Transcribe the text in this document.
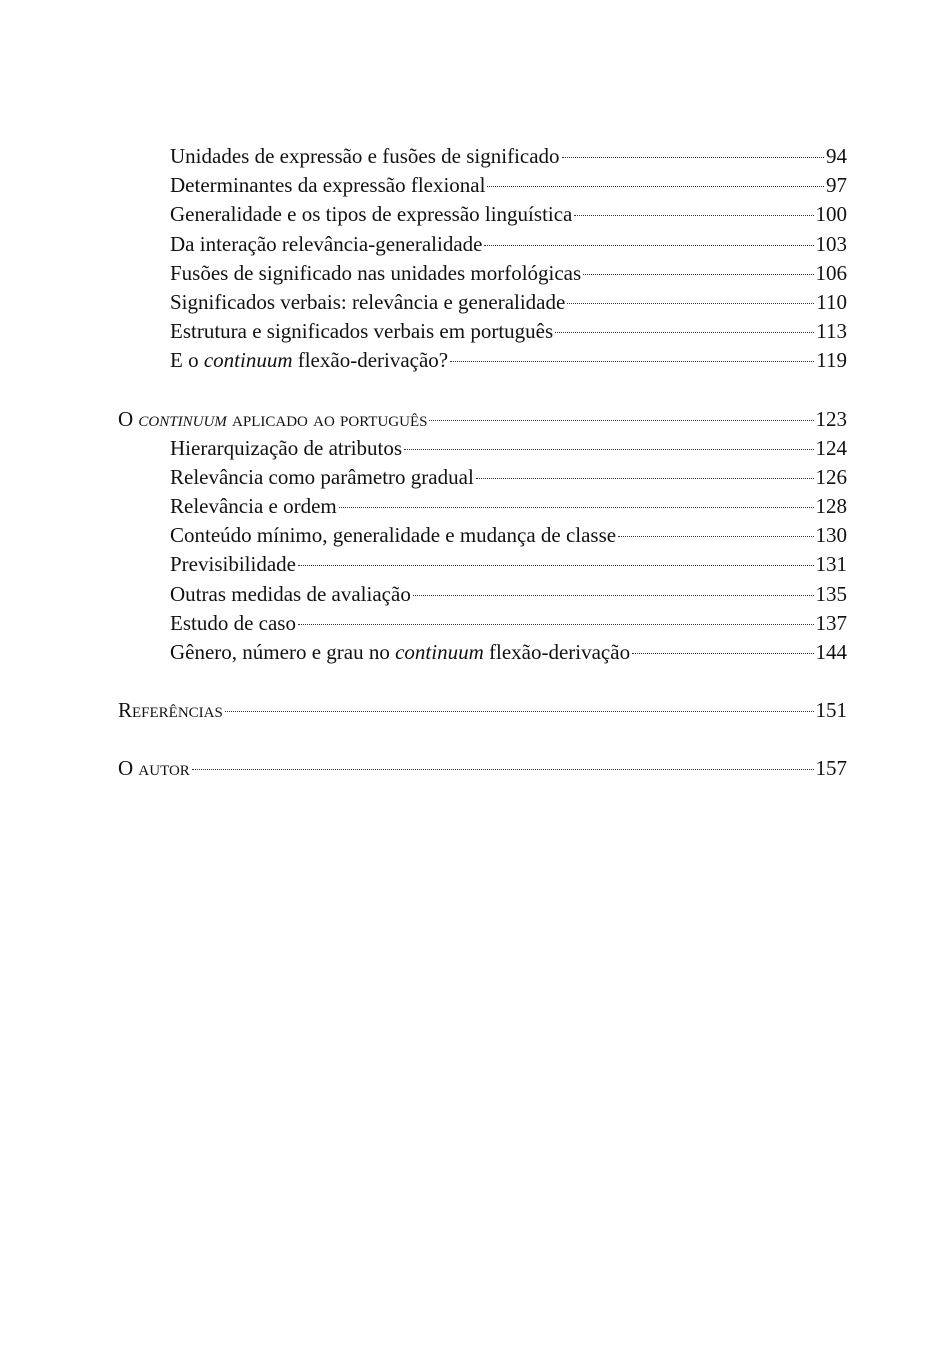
Unidades de expressão e fusões de significado	94
Determinantes da expressão flexional	97
Generalidade e os tipos de expressão linguística	100
Da interação relevância-generalidade	103
Fusões de significado nas unidades morfológicas	106
Significados verbais: relevância e generalidade	110
Estrutura e significados verbais em português	113
E o continuum flexão-derivação?	119
O continuum aplicado ao português	123
Hierarquização de atributos	124
Relevância como parâmetro gradual	126
Relevância e ordem	128
Conteúdo mínimo, generalidade e mudança de classe	130
Previsibilidade	131
Outras medidas de avaliação	135
Estudo de caso	137
Gênero, número e grau no continuum flexão-derivação	144
Referências	151
O autor	157
